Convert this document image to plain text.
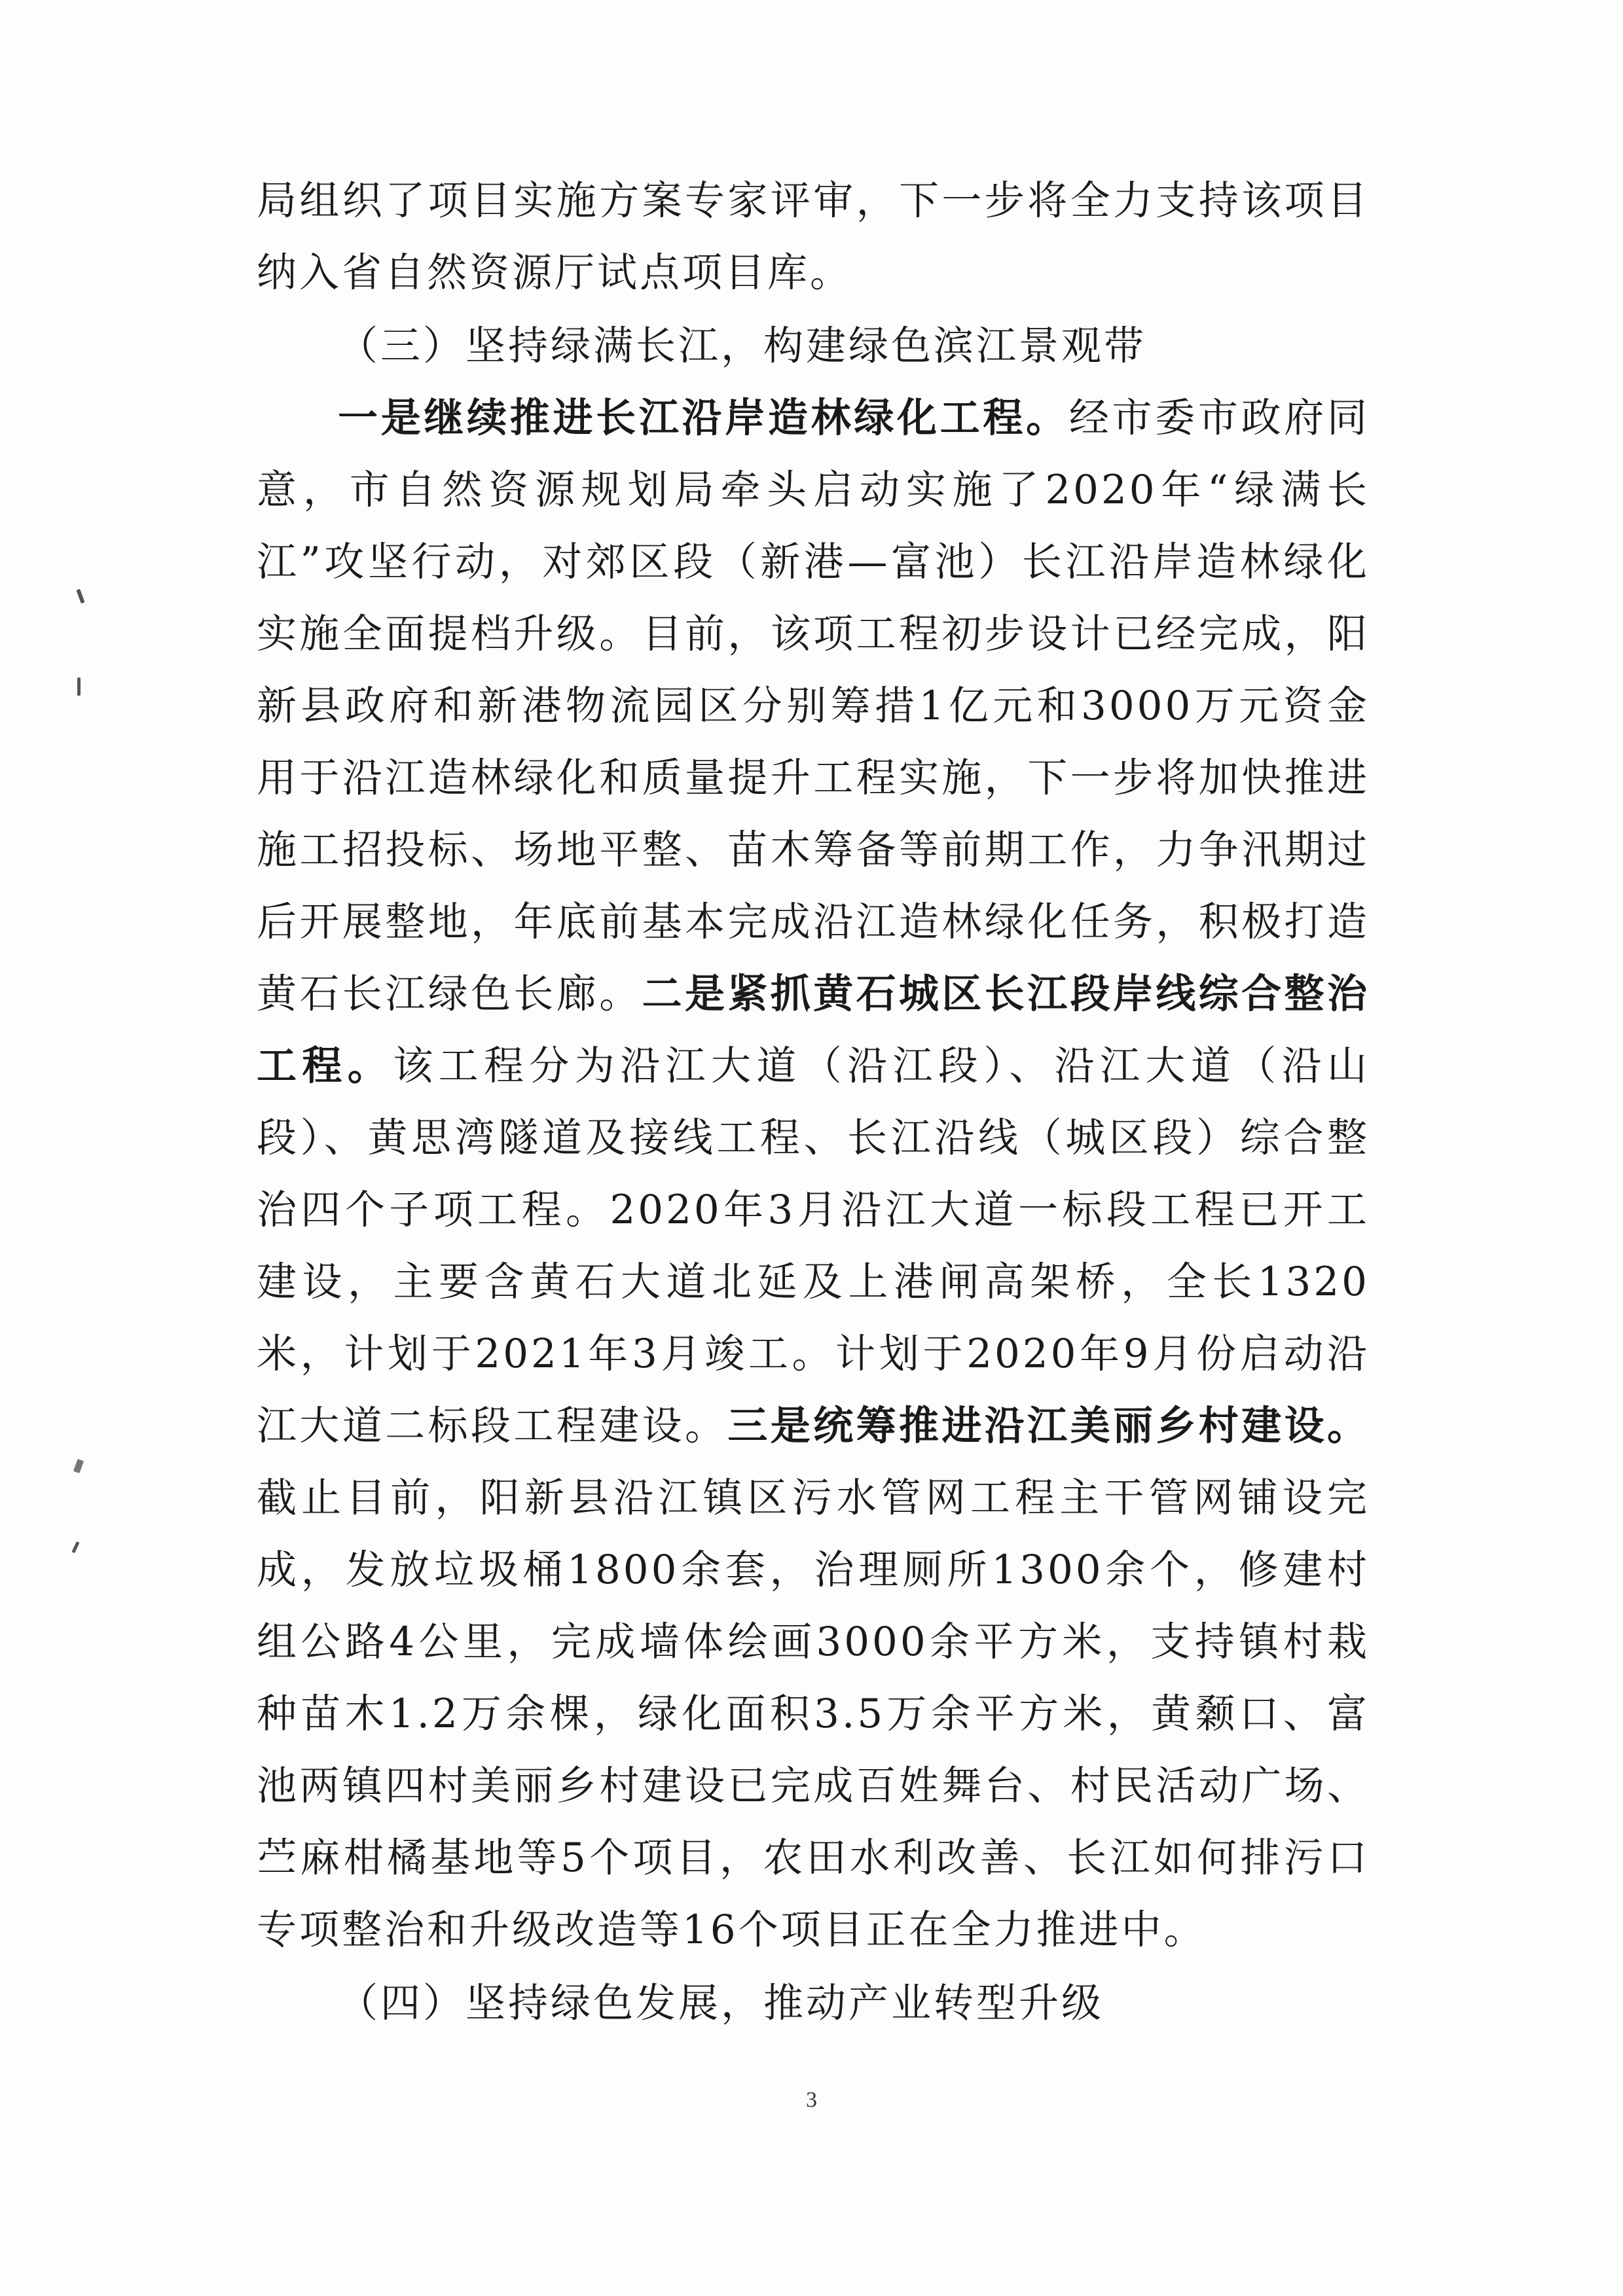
局组织了项目实施方案专家评审，下一步将全力支持该项目纳入省自然资源厅试点项目库。

（三）坚持绿满长江，构建绿色滨江景观带

一是继续推进长江沿岸造林绿化工程。经市委市政府同意，市自然资源规划局牵头启动实施了2020年“绿满长江”攻坚行动，对郊区段（新港—富池）长江沿岸造林绿化实施全面提档升级。目前，该项工程初步设计已经完成，阳新县政府和新港物流园区分别筹措1亿元和3000万元资金用于沿江造林绿化和质量提升工程实施，下一步将加快推进施工招投标、场地平整、苗木筹备等前期工作，力争汛期过后开展整地，年底前基本完成沿江造林绿化任务，积极打造黄石长江绿色长廊。二是紧抓黄石城区长江段岸线综合整治工程。该工程分为沿江大道（沿江段）、沿江大道（沿山段）、黄思湾隧道及接线工程、长江沿线（城区段）综合整治四个子项工程。2020年3月沿江大道一标段工程已开工建设，主要含黄石大道北延及上港闸高架桥，全长1320米，计划于2021年3月竣工。计划于2020年9月份启动沿江大道二标段工程建设。三是统筹推进沿江美丽乡村建设。截止目前，阳新县沿江镇区污水管网工程主干管网铺设完成，发放垃圾桶1800余套，治理厕所1300余个，修建村组公路4公里，完成墙体绘画3000余平方米，支持镇村栽种苗木1.2万余棵，绿化面积3.5万余平方米，黄颡口、富池两镇四村美丽乡村建设已完成百姓舞台、村民活动广场、苎麻柑橘基地等5个项目，农田水利改善、长江如何排污口专项整治和升级改造等16个项目正在全力推进中。

（四）坚持绿色发展，推动产业转型升级

3
